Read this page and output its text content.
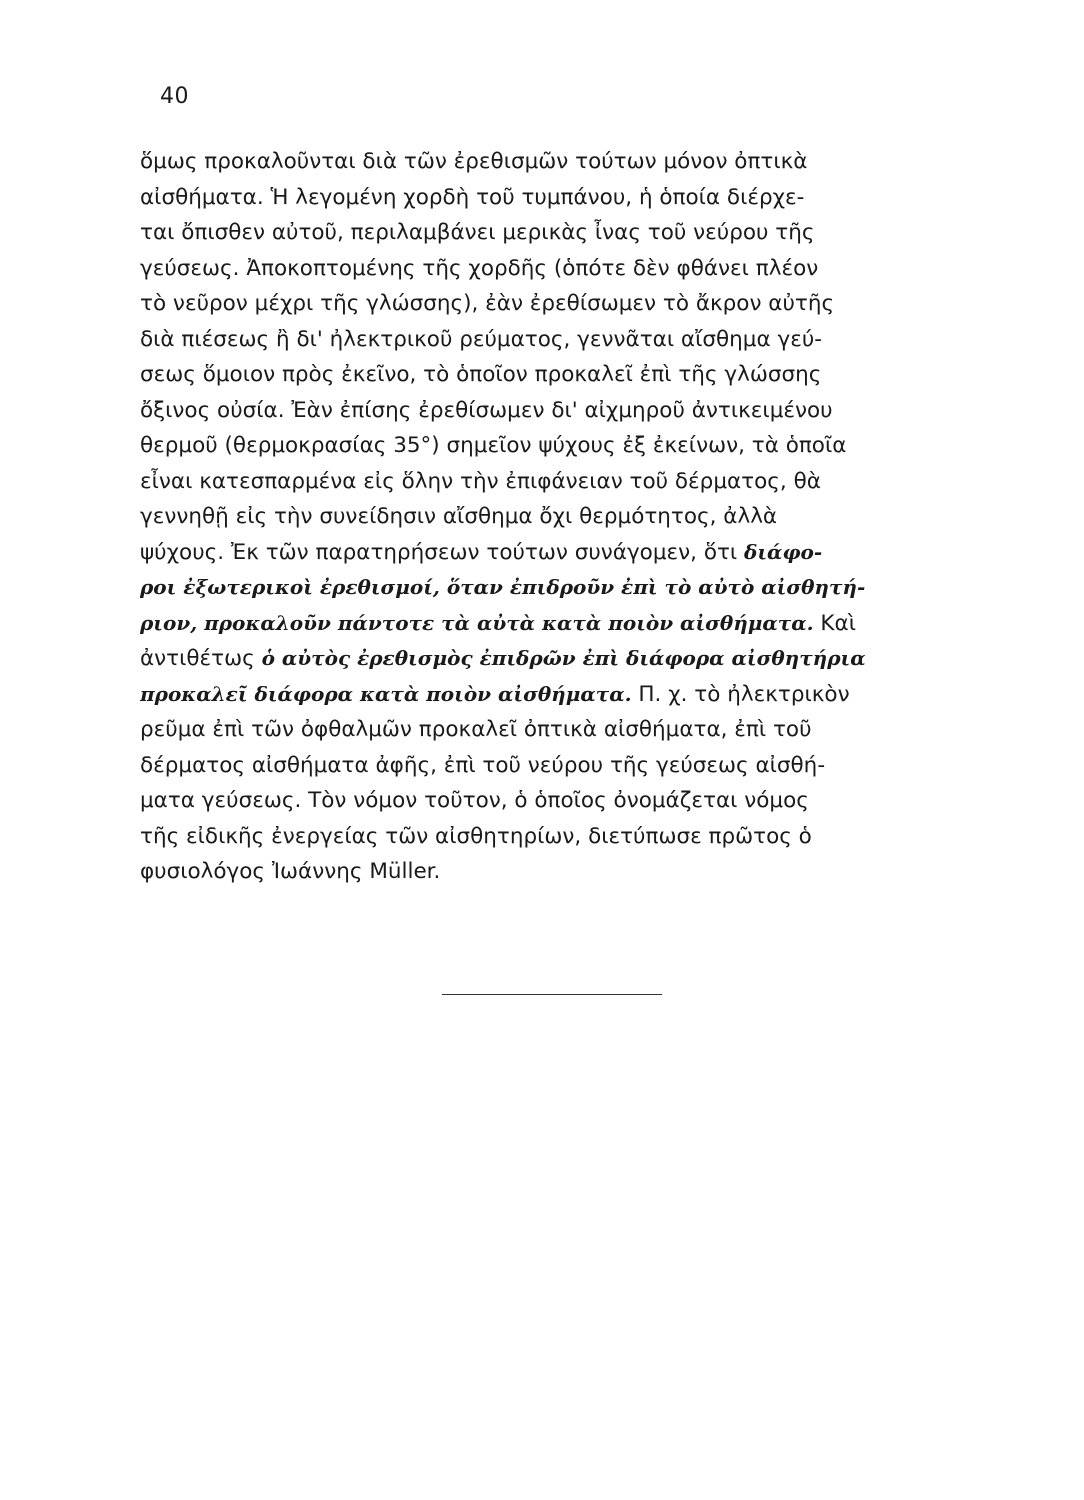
40
ὅμως προκαλοῦνται διὰ τῶν ἐρεθισμῶν τούτων μόνον ὀπτικὰ
αἰσθήματα. Ἡ λεγομένη χορδὴ τοῦ τυμπάνου, ἡ ὁποία διέρχε-
ται ὄπισθεν αὐτοῦ, περιλαμβάνει μερικὰς ἶνας τοῦ νεύρου τῆς
γεύσεως. Ἀποκοπτομένης τῆς χορδῆς (ὁπότε δὲν φθάνει πλέον
τὸ νεῦρον μέχρι τῆς γλώσσης), ἐὰν ἐρεθίσωμεν τὸ ἄκρον αὐτῆς
διὰ πιέσεως ἢ δι' ἠλεκτρικοῦ ρεύματος, γεννᾶται αἴσθημα γεύ-
σεως ὅμοιον πρὸς ἐκεῖνο, τὸ ὁποῖον προκαλεῖ ἐπὶ τῆς γλώσσης
ὄξινος οὐσία. Ἐὰν ἐπίσης ἐρεθίσωμεν δι' αἰχμηροῦ ἀντικειμένου
θερμοῦ (θερμοκρασίας 35°) σημεῖον ψύχους ἐξ ἐκείνων, τὰ ὁποῖα
εἶναι κατεσπαρμένα εἰς ὅλην τὴν ἐπιφάνειαν τοῦ δέρματος, θὰ
γεννηθῇ εἰς τὴν συνείδησιν αἴσθημα ὄχι θερμότητος, ἀλλὰ
ψύχους. Ἐκ τῶν παρατηρήσεων τούτων συνάγομεν, ὅτι διάφο-
ροι ἐξωτερικοὶ ἐρεθισμοί, ὅταν ἐπιδροῦν ἐπὶ τὸ αὐτὸ αἰσθητή-
ριον, προκαλοῦν πάντοτε τὰ αὐτὰ κατὰ ποιὸν αἰσθήματα. Καὶ
ἀντιθέτως ὁ αὐτὸς ἐρεθισμὸς ἐπιδρῶν ἐπὶ διάφορα αἰσθητήρια
προκαλεῖ διάφορα κατὰ ποιὸν αἰσθήματα. Π. χ. τὸ ἠλεκτρικὸν
ρεῦμα ἐπὶ τῶν ὀφθαλμῶν προκαλεῖ ὀπτικὰ αἰσθήματα, ἐπὶ τοῦ
δέρματος αἰσθήματα ἀφῆς, ἐπὶ τοῦ νεύρου τῆς γεύσεως αἰσθή-
ματα γεύσεως. Τὸν νόμον τοῦτον, ὁ ὁποῖος ὀνομάζεται νόμος
τῆς εἰδικῆς ἐνεργείας τῶν αἰσθητηρίων, διετύπωσε πρῶτος ὁ
φυσιολόγος Ἰωάννης Müller.
